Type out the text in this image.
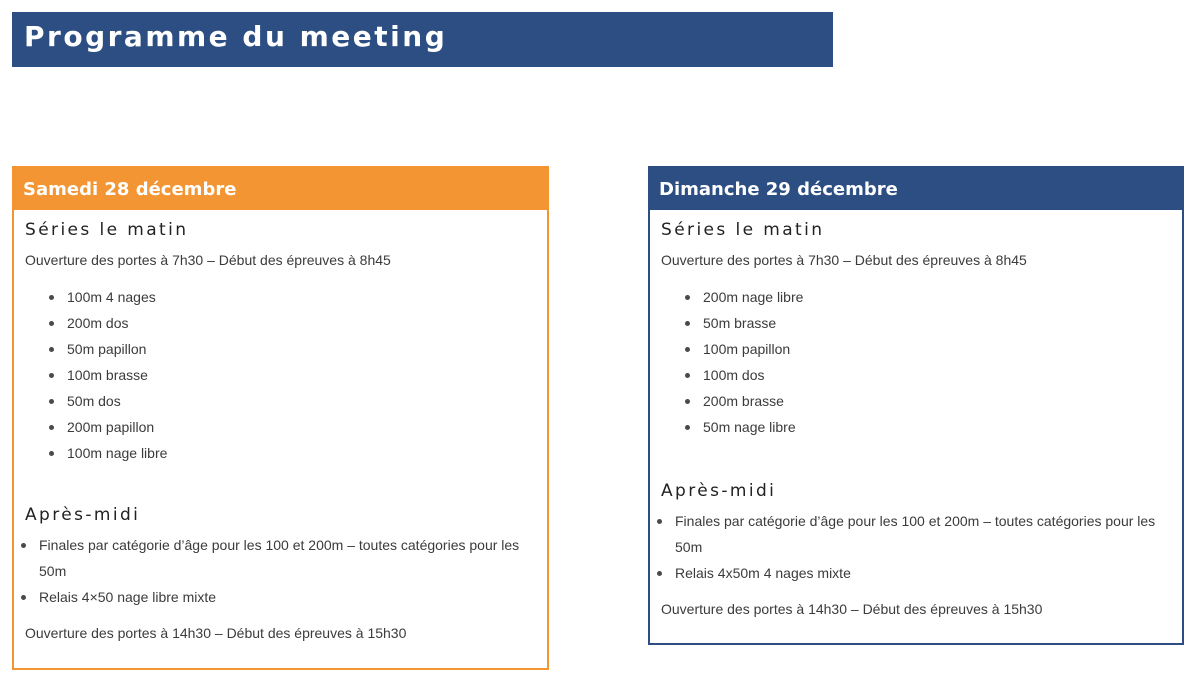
Programme du meeting
Samedi 28 décembre
Séries le matin
Ouverture des portes à 7h30 – Début des épreuves à 8h45
100m 4 nages
200m dos
50m papillon
100m brasse
50m dos
200m papillon
100m nage libre
Après-midi
Finales par catégorie d’âge pour les 100 et 200m – toutes catégories pour les 50m
Relais 4×50 nage libre mixte
Ouverture des portes à 14h30 – Début des épreuves à 15h30
Dimanche 29 décembre
Séries le matin
Ouverture des portes à 7h30 – Début des épreuves à 8h45
200m nage libre
50m brasse
100m papillon
100m dos
200m brasse
50m nage libre
Après-midi
Finales par catégorie d’âge pour les 100 et 200m – toutes catégories pour les 50m
Relais 4x50m 4 nages mixte
Ouverture des portes à 14h30 – Début des épreuves à 15h30
